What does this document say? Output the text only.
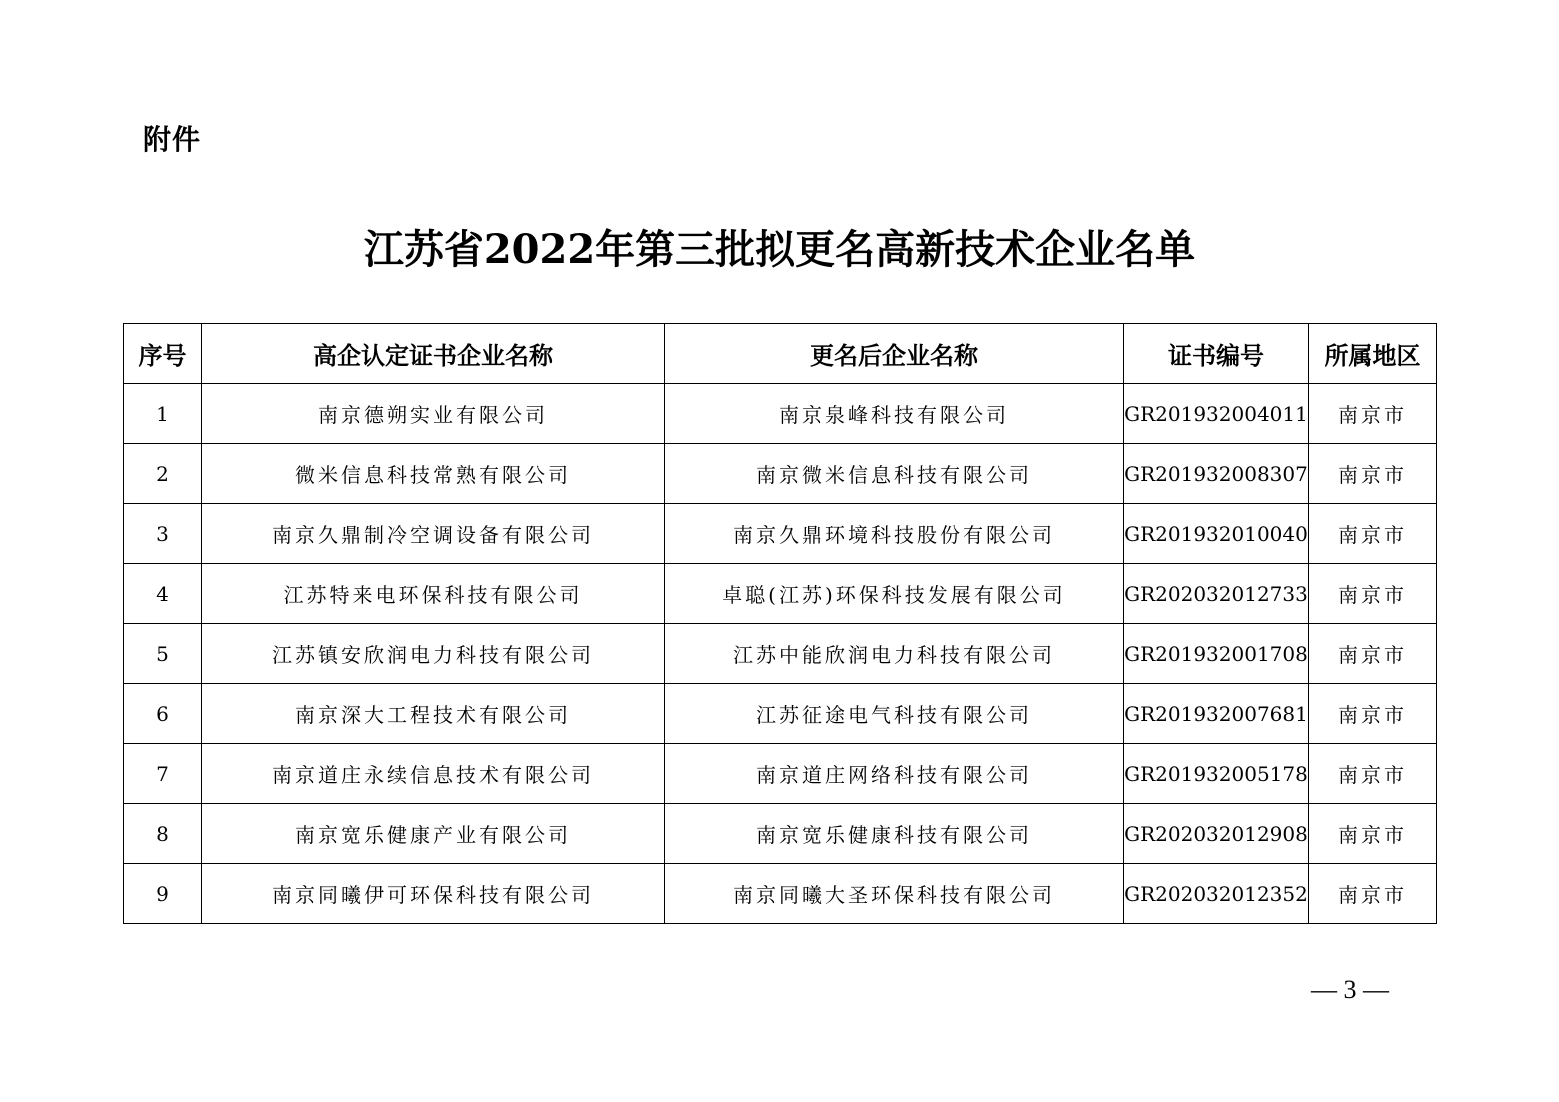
附件
江苏省2022年第三批拟更名高新技术企业名单
序号	高企认定证书企业名称	更名后企业名称	证书编号	所属地区
1	南京德朔实业有限公司	南京泉峰科技有限公司	GR201932004011	南京市
2	微米信息科技常熟有限公司	南京微米信息科技有限公司	GR201932008307	南京市
3	南京久鼎制冷空调设备有限公司	南京久鼎环境科技股份有限公司	GR201932010040	南京市
4	江苏特来电环保科技有限公司	卓聪(江苏)环保科技发展有限公司	GR202032012733	南京市
5	江苏镇安欣润电力科技有限公司	江苏中能欣润电力科技有限公司	GR201932001708	南京市
6	南京深大工程技术有限公司	江苏征途电气科技有限公司	GR201932007681	南京市
7	南京道庄永续信息技术有限公司	南京道庄网络科技有限公司	GR201932005178	南京市
8	南京宽乐健康产业有限公司	南京宽乐健康科技有限公司	GR202032012908	南京市
9	南京同曦伊可环保科技有限公司	南京同曦大圣环保科技有限公司	GR202032012352	南京市
— 3 —
